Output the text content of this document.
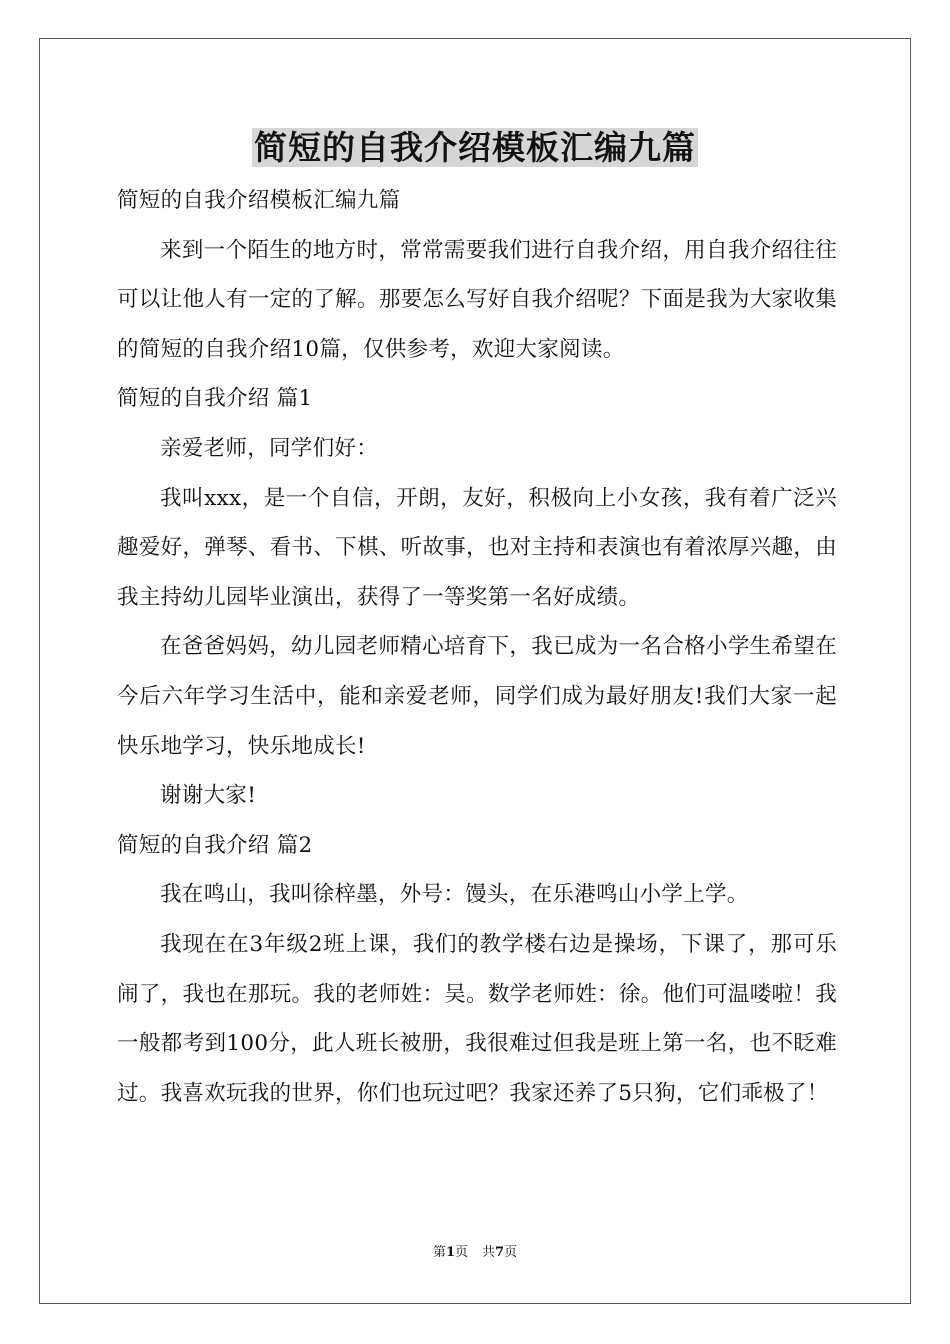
简短的自我介绍模板汇编九篇

简短的自我介绍模板汇编九篇

来到一个陌生的地方时，常常需要我们进行自我介绍，用自我介绍往往可以让他人有一定的了解。那要怎么写好自我介绍呢？下面是我为大家收集的简短的自我介绍10篇，仅供参考，欢迎大家阅读。

简短的自我介绍 篇1

亲爱老师，同学们好：

我叫xxx，是一个自信，开朗，友好，积极向上小女孩，我有着广泛兴趣爱好，弹琴、看书、下棋、听故事，也对主持和表演也有着浓厚兴趣，由我主持幼儿园毕业演出，获得了一等奖第一名好成绩。

在爸爸妈妈，幼儿园老师精心培育下，我已成为一名合格小学生希望在今后六年学习生活中，能和亲爱老师，同学们成为最好朋友!我们大家一起快乐地学习，快乐地成长!

谢谢大家!

简短的自我介绍 篇2

我在鸣山，我叫徐梓墨，外号：馒头，在乐港鸣山小学上学。

我现在在3年级2班上课，我们的教学楼右边是操场，下课了，那可乐闹了，我也在那玩。我的老师姓：吴。数学老师姓：徐。他们可温喽啦！我一般都考到100分，此人班长被册，我很难过但我是班上第一名，也不眨难过。我喜欢玩我的世界，你们也玩过吧？我家还养了5只狗，它们乖极了！

第1页 共7页
